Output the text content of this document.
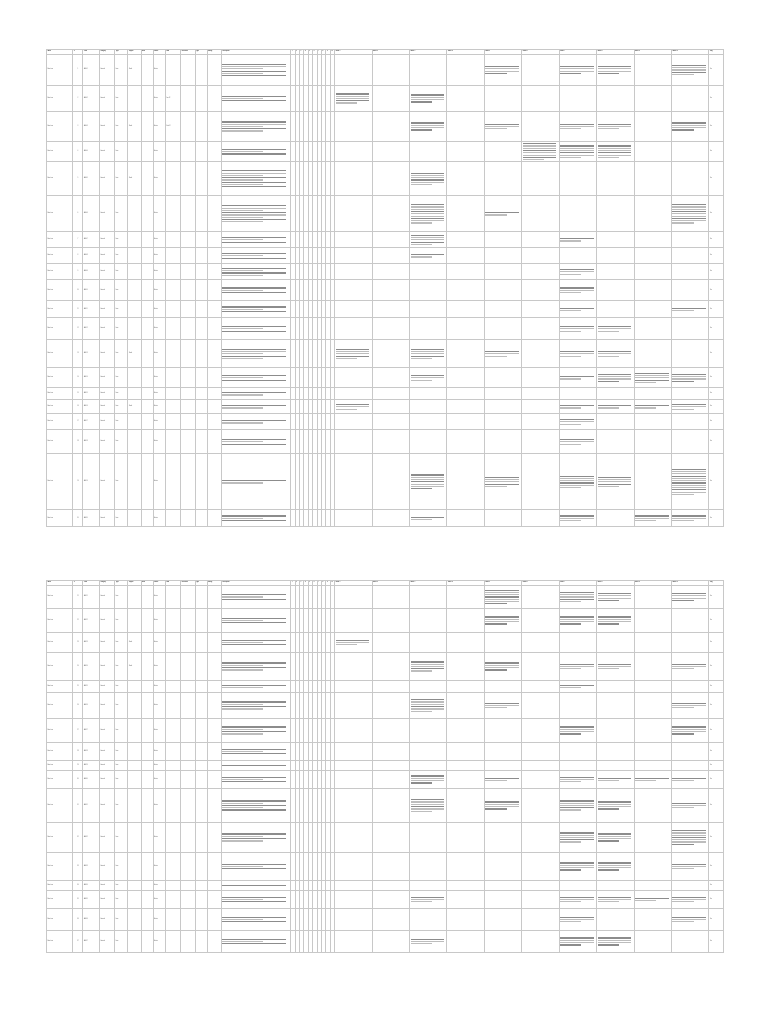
Name	#	Code	Category	Type	Region	Area	Status	Date	Reference	Type	Rating	Description	1	2	3	4	5	6	7	8	9	10	Notes 1	Notes 2	Notes 3	Notes 4	Notes 5	Notes 6	Notes 7	Notes 8	Notes 9	Notes 10	Flag
Row item	1	A0001	General	Item	North		Active																										Yes
Row item	2	A0002	General	Item			Active	Jan-12																									Yes
Row item	3	A0003	General	Item	North		Active	Feb-12																									Yes
Row item	4	A0004	General	Item			Active																										Yes
Row item	5	A0005	General	Item	North		Active																										Yes
Row item	6	A0006	General	Item			Active																										Yes
Row item	7	A0007	General	Item			Active																										Yes
Row item	8	A0008	General	Item			Active																										Yes
Row item	9	A0009	General	Item			Active																										Yes
Row item	10	A0010	General	Item			Active																										Yes
Row item	11	A0011	General	Item			Active																										Yes
Row item	12	A0012	General	Item			Active																										Yes
Row item	13	A0013	General	Item	North		Active																										Yes
Row item	14	A0014	General	Item			Active																										Yes
Row item	15	A0015	General	Item			Active																										Yes
Row item	16	A0016	General	Item	North		Active																										Yes
Row item	17	A0017	General	Item			Active																										Yes
Row item	18	A0018	General	Item			Active																										Yes
Row item	19	A0019	General	Item			Active																										Yes
Row item	20	A0020	General	Item			Active																										Yes
Name	#	Code	Category	Type	Region	Area	Status	Date	Reference	Type	Rating	Description	1	2	3	4	5	6	7	8	9	10	Notes 1	Notes 2	Notes 3	Notes 4	Notes 5	Notes 6	Notes 7	Notes 8	Notes 9	Notes 10	Flag
Row item	21	A0021	General	Item			Active																										Yes
Row item	22	A0022	General	Item			Active																										Yes
Row item	23	A0023	General	Item	North		Active																										Yes
Row item	24	A0024	General	Item	North		Active																										Yes
Row item	25	A0025	General	Item			Active																										Yes
Row item	26	A0026	General	Item			Active																										Yes
Row item	27	A0027	General	Item			Active																										Yes
Row item	28	A0028	General	Item			Active																										Yes
Row item	29	A0029	General	Item			Active																										Yes
Row item	30	A0030	General	Item			Active																										Yes
Row item	31	A0031	General	Item			Active																										Yes
Row item	32	A0032	General	Item			Active																										Yes
Row item	33	A0033	General	Item			Active																										Yes
Row item	34	A0034	General	Item			Active																										Yes
Row item	35	A0035	General	Item			Active																										Yes
Row item	36	A0036	General	Item			Active																										Yes
Row item	37	A0037	General	Item			Active																										Yes
